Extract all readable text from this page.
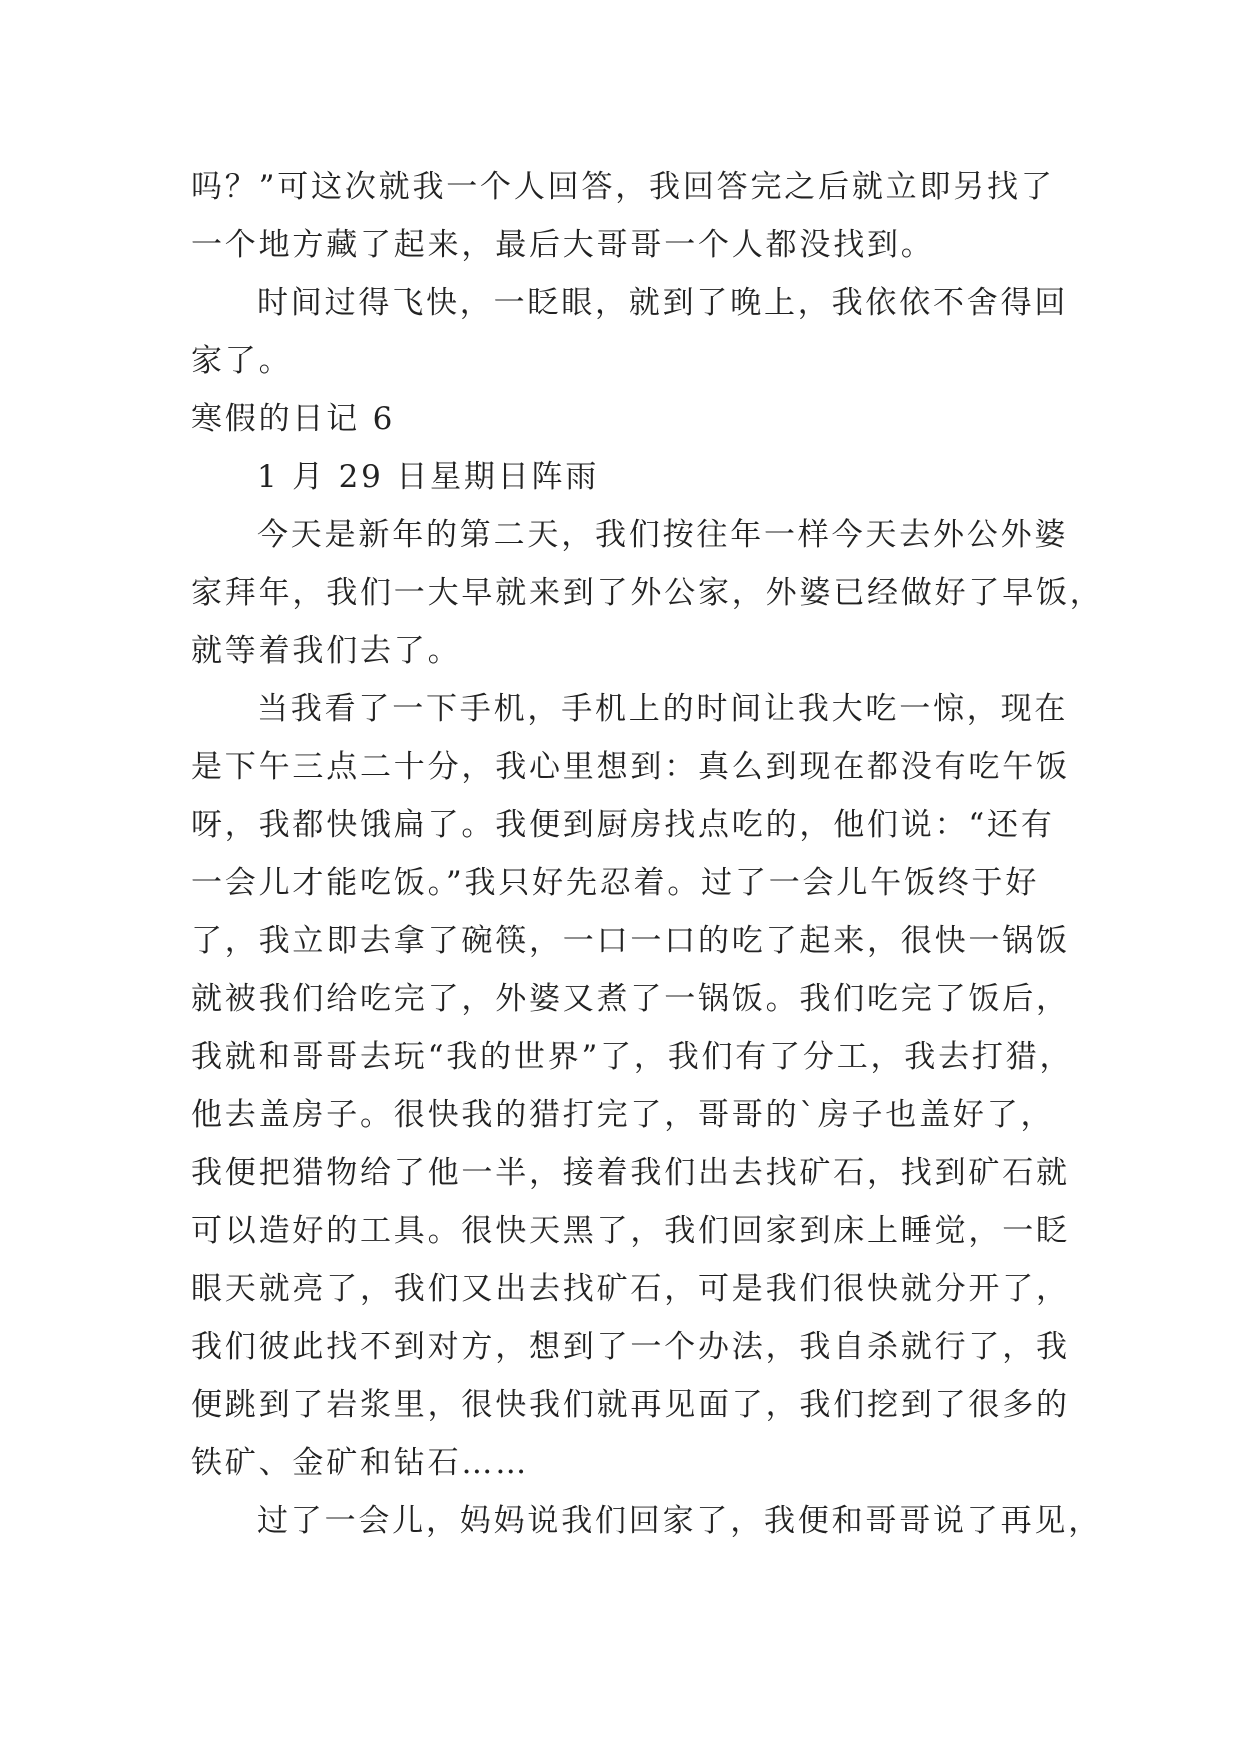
吗？”可这次就我一个人回答，我回答完之后就立即另找了
一个地方藏了起来，最后大哥哥一个人都没找到。
时间过得飞快，一眨眼，就到了晚上，我依依不舍得回
家了。
寒假的日记 6
1 月 29 日星期日阵雨
今天是新年的第二天，我们按往年一样今天去外公外婆
家拜年，我们一大早就来到了外公家，外婆已经做好了早饭，
就等着我们去了。
当我看了一下手机，手机上的时间让我大吃一惊，现在
是下午三点二十分，我心里想到：真么到现在都没有吃午饭
呀，我都快饿扁了。我便到厨房找点吃的，他们说：“还有
一会儿才能吃饭。”我只好先忍着。过了一会儿午饭终于好
了，我立即去拿了碗筷，一口一口的吃了起来，很快一锅饭
就被我们给吃完了，外婆又煮了一锅饭。我们吃完了饭后，
我就和哥哥去玩“我的世界”了，我们有了分工，我去打猎，
他去盖房子。很快我的猎打完了，哥哥的`房子也盖好了，
我便把猎物给了他一半，接着我们出去找矿石，找到矿石就
可以造好的工具。很快天黑了，我们回家到床上睡觉，一眨
眼天就亮了，我们又出去找矿石，可是我们很快就分开了，
我们彼此找不到对方，想到了一个办法，我自杀就行了，我
便跳到了岩浆里，很快我们就再见面了，我们挖到了很多的
铁矿、金矿和钻石……
过了一会儿，妈妈说我们回家了，我便和哥哥说了再见，
